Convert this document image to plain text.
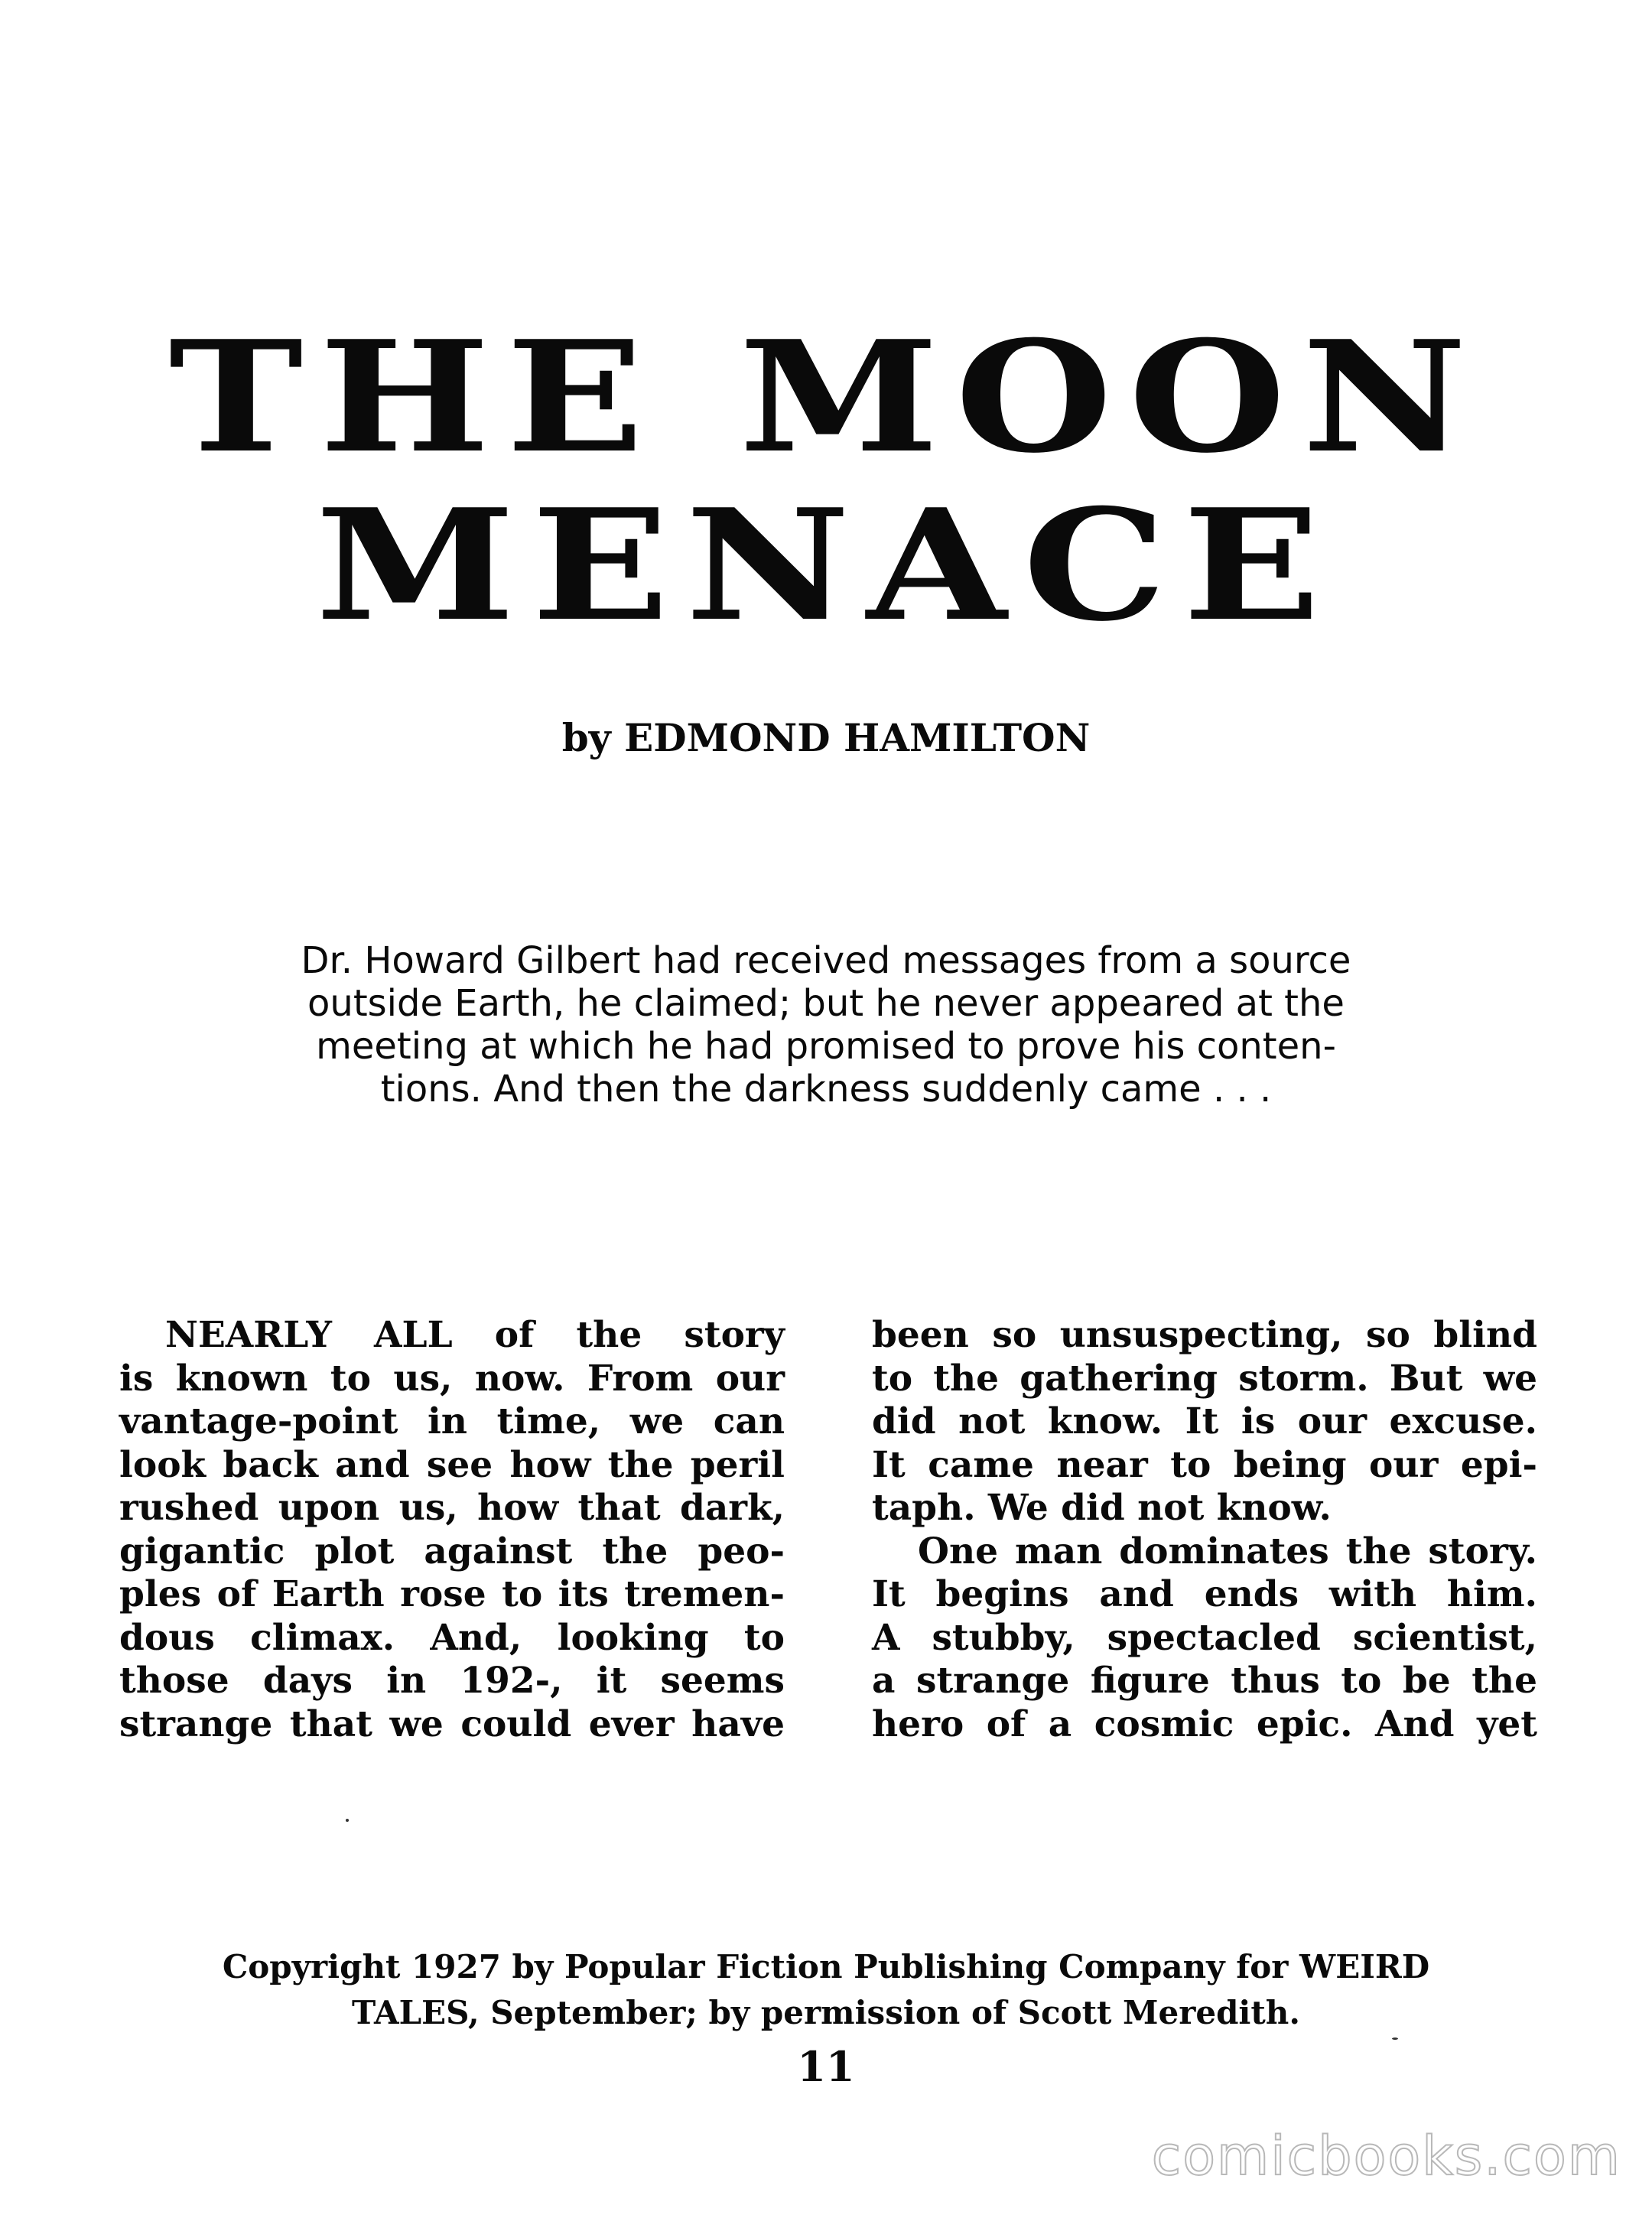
THE MOON
MENACE
by EDMOND HAMILTON
Dr. Howard Gilbert had received messages from a source
outside Earth, he claimed; but he never appeared at the
meeting at which he had promised to prove his conten-
tions. And then the darkness suddenly came . . .
NEARLY ALL of the story
is known to us, now. From our
vantage-point in time, we can
look back and see how the peril
rushed upon us, how that dark,
gigantic plot against the peo-
ples of Earth rose to its tremen-
dous climax. And, looking to
those days in 192-, it seems
strange that we could ever have
been so unsuspecting, so blind
to the gathering storm. But we
did not know. It is our excuse.
It came near to being our epi-
taph. We did not know.
One man dominates the story.
It begins and ends with him.
A stubby, spectacled scientist,
a strange figure thus to be the
hero of a cosmic epic. And yet
Copyright 1927 by Popular Fiction Publishing Company for WEIRD
TALES, September; by permission of Scott Meredith.
11
comicbooks.com
